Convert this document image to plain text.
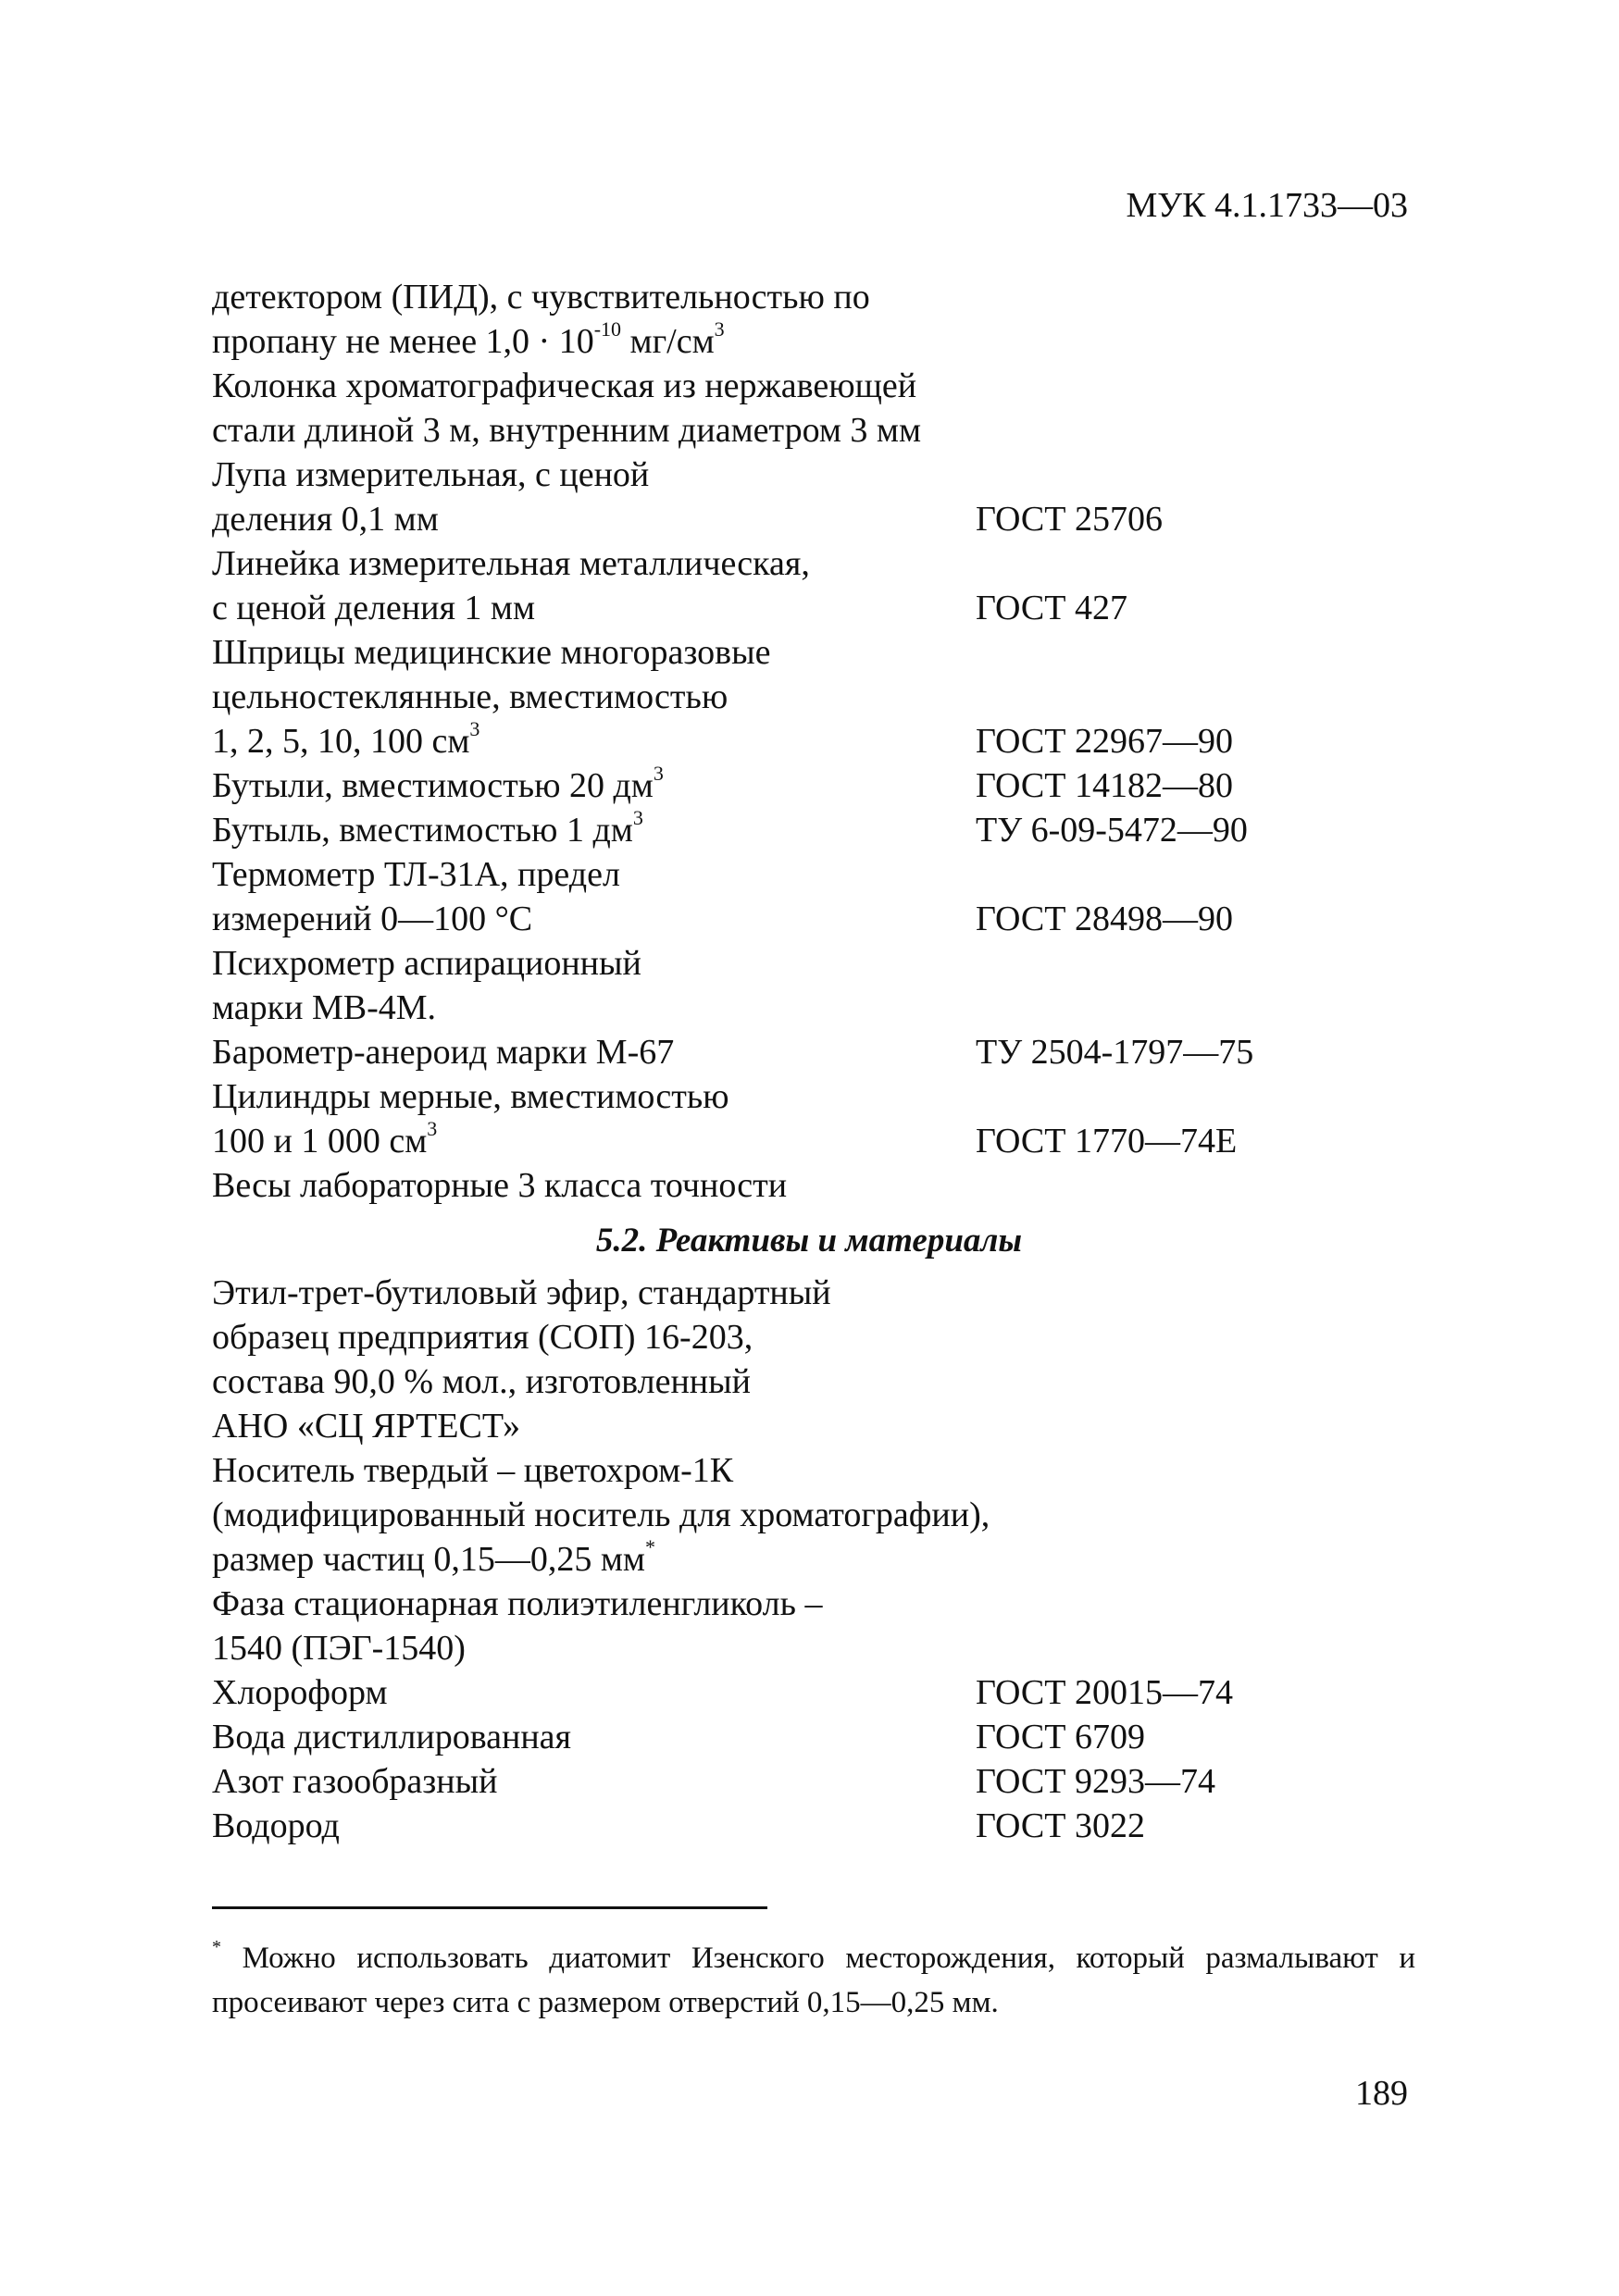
МУК 4.1.1733—03
детектором (ПИД), с чувствительностью по
пропану не менее $1,0 \cdot 10^{-10}$ $мг/см^3$
Колонка хроматографическая из нержавеющей
стали длиной 3 м, внутренним диаметром 3 мм
Лупа измерительная, с ценой
деления 0,1 мм	ГОСТ 25706
Линейка измерительная металлическая,
с ценой деления 1 мм	ГОСТ 427
Шприцы медицинские многоразовые
цельностеклянные, вместимостью
1, 2, 5, 10, 100 $см^3$	ГОСТ 22967—90
Бутыли, вместимостью 20 $дм^3$	ГОСТ 14182—80
Бутыль, вместимостью 1 $дм^3$	ТУ 6-09-5472—90
Термометр ТЛ-31А, предел
измерений 0—100 °С	ГОСТ 28498—90
Психрометр аспирационный
марки МВ-4М.
Барометр-анероид марки М-67	ТУ 2504-1797—75
Цилиндры мерные, вместимостью
100 и 1 000 $см^3$	ГОСТ 1770—74Е
Весы лабораторные 3 класса точности
5.2. Реактивы и материалы
Этил-трет-бутиловый эфир, стандартный
образец предприятия (СОП) 16-203,
состава 90,0 % мол., изготовленный
АНО «СЦ ЯРТЕСТ»
Носитель твердый – цветохром-1К
(модифицированный носитель для хроматографии),
размер частиц 0,15—0,25 мм*
Фаза стационарная полиэтиленгликоль –
1540 (ПЭГ-1540)
Хлороформ	ГОСТ 20015—74
Вода дистиллированная	ГОСТ 6709
Азот газообразный	ГОСТ 9293—74
Водород	ГОСТ 3022
* Можно использовать диатомит Изенского месторождения, который размалывают и просеивают через сита с размером отверстий 0,15—0,25 мм.
189
